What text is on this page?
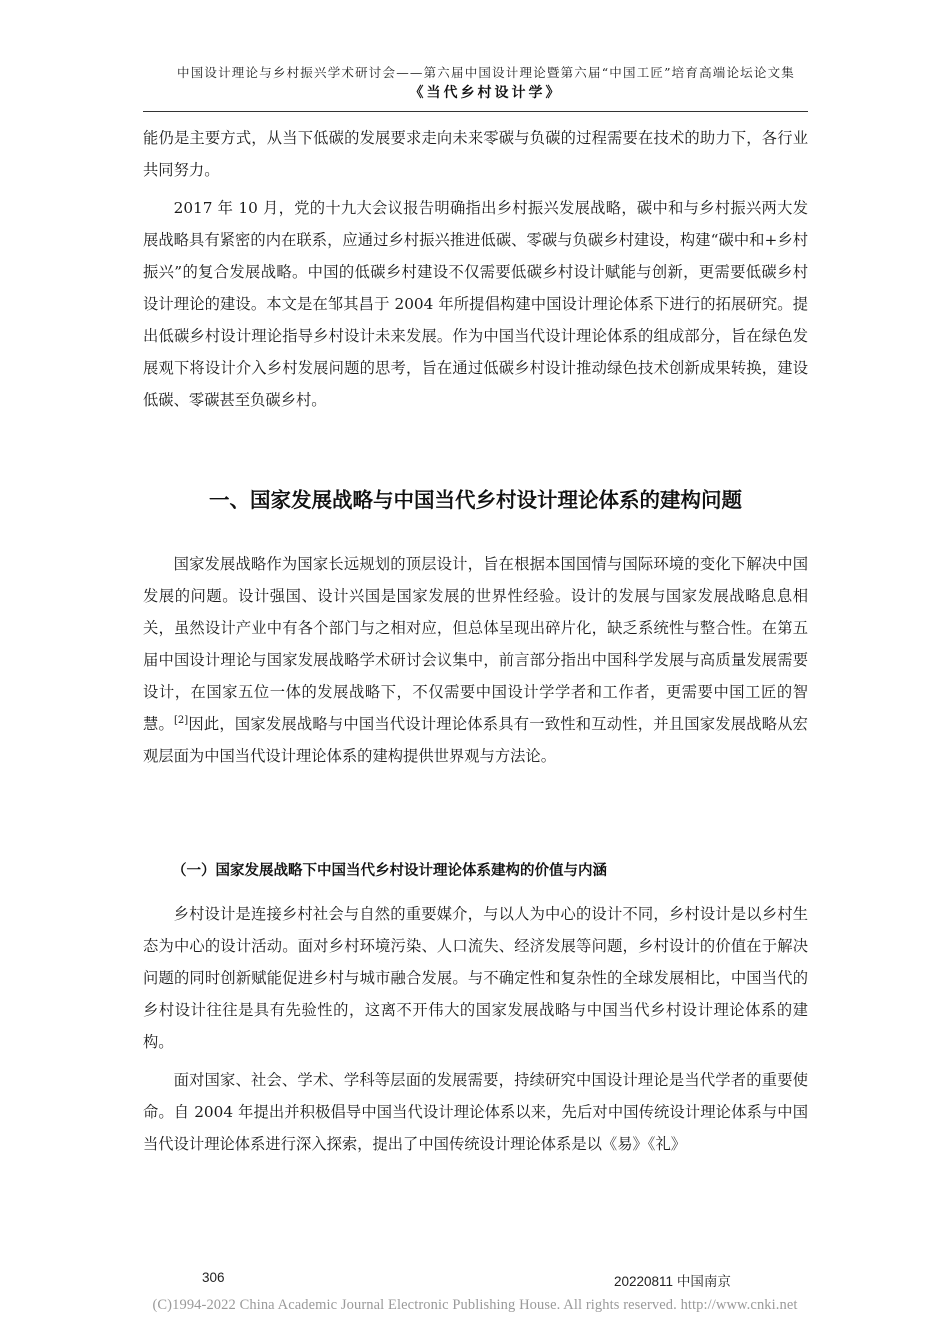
中国设计理论与乡村振兴学术研讨会——第六届中国设计理论暨第六届“中国工匠”培育高端论坛论文集
《当代乡村设计学》

能仍是主要方式，从当下低碳的发展要求走向未来零碳与负碳的过程需要在技术的助力下，各行业共同努力。

2017 年 10 月，党的十九大会议报告明确指出乡村振兴发展战略，碳中和与乡村振兴两大发展战略具有紧密的内在联系，应通过乡村振兴推进低碳、零碳与负碳乡村建设，构建“碳中和+乡村振兴”的复合发展战略。中国的低碳乡村建设不仅需要低碳乡村设计赋能与创新，更需要低碳乡村设计理论的建设。本文是在邹其昌于 2004 年所提倡构建中国设计理论体系下进行的拓展研究。提出低碳乡村设计理论指导乡村设计未来发展。作为中国当代设计理论体系的组成部分，旨在绿色发展观下将设计介入乡村发展问题的思考，旨在通过低碳乡村设计推动绿色技术创新成果转换，建设低碳、零碳甚至负碳乡村。

一、国家发展战略与中国当代乡村设计理论体系的建构问题

国家发展战略作为国家长远规划的顶层设计，旨在根据本国国情与国际环境的变化下解决中国发展的问题。设计强国、设计兴国是国家发展的世界性经验。设计的发展与国家发展战略息息相关，虽然设计产业中有各个部门与之相对应，但总体呈现出碎片化，缺乏系统性与整合性。在第五届中国设计理论与国家发展战略学术研讨会议集中，前言部分指出中国科学发展与高质量发展需要设计，在国家五位一体的发展战略下，不仅需要中国设计学学者和工作者，更需要中国工匠的智慧。[2]因此，国家发展战略与中国当代设计理论体系具有一致性和互动性，并且国家发展战略从宏观层面为中国当代设计理论体系的建构提供世界观与方法论。

（一）国家发展战略下中国当代乡村设计理论体系建构的价值与内涵

乡村设计是连接乡村社会与自然的重要媒介，与以人为中心的设计不同，乡村设计是以乡村生态为中心的设计活动。面对乡村环境污染、人口流失、经济发展等问题，乡村设计的价值在于解决问题的同时创新赋能促进乡村与城市融合发展。与不确定性和复杂性的全球发展相比，中国当代的乡村设计往往是具有先验性的，这离不开伟大的国家发展战略与中国当代乡村设计理论体系的建构。

面对国家、社会、学术、学科等层面的发展需要，持续研究中国设计理论是当代学者的重要使命。自 2004 年提出并积极倡导中国当代设计理论体系以来，先后对中国传统设计理论体系与中国当代设计理论体系进行深入探索，提出了中国传统设计理论体系是以《易》《礼》

306	20220811 中国南京
(C)1994-2022 China Academic Journal Electronic Publishing House. All rights reserved. http://www.cnki.net
